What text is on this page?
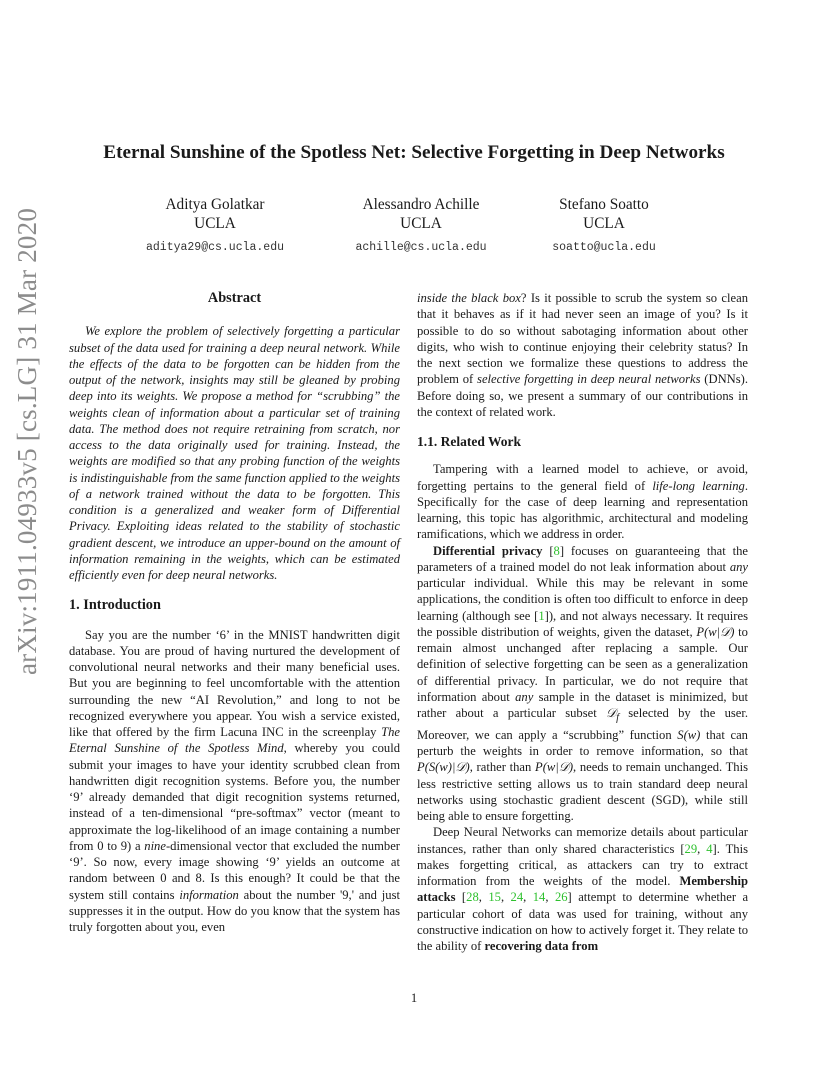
arXiv:1911.04933v5 [cs.LG] 31 Mar 2020
Eternal Sunshine of the Spotless Net: Selective Forgetting in Deep Networks
Aditya Golatkar
UCLA
aditya29@cs.ucla.edu
Alessandro Achille
UCLA
achille@cs.ucla.edu
Stefano Soatto
UCLA
soatto@ucla.edu
Abstract

We explore the problem of selectively forgetting a particular subset of the data used for training a deep neural network. While the effects of the data to be forgotten can be hidden from the output of the network, insights may still be gleaned by probing deep into its weights. We propose a method for “scrubbing” the weights clean of information about a particular set of training data. The method does not require retraining from scratch, nor access to the data originally used for training. Instead, the weights are modified so that any probing function of the weights is indistinguishable from the same function applied to the weights of a network trained without the data to be forgotten. This condition is a generalized and weaker form of Differential Privacy. Exploiting ideas related to the stability of stochastic gradient descent, we introduce an upper-bound on the amount of information remaining in the weights, which can be estimated efficiently even for deep neural networks.

1. Introduction

Say you are the number ‘6’ in the MNIST handwritten digit database. You are proud of having nurtured the development of convolutional neural networks and their many beneficial uses. But you are beginning to feel uncomfortable with the attention surrounding the new “AI Revolution,” and long to not be recognized everywhere you appear. You wish a service existed, like that offered by the firm Lacuna INC in the screenplay The Eternal Sunshine of the Spotless Mind, whereby you could submit your images to have your identity scrubbed clean from handwritten digit recognition systems. Before you, the number ‘9’ already demanded that digit recognition systems returned, instead of a ten-dimensional “pre-softmax” vector (meant to approximate the log-likelihood of an image containing a number from 0 to 9) a nine-dimensional vector that excluded the number ‘9’. So now, every image showing ‘9’ yields an outcome at random between 0 and 8. Is this enough? It could be that the system still contains information about the number '9,' and just suppresses it in the output. How do you know that the system has truly forgotten about you, even

inside the black box? Is it possible to scrub the system so clean that it behaves as if it had never seen an image of you? Is it possible to do so without sabotaging information about other digits, who wish to continue enjoying their celebrity status? In the next section we formalize these questions to address the problem of selective forgetting in deep neural networks (DNNs). Before doing so, we present a summary of our contributions in the context of related work.

1.1. Related Work

Tampering with a learned model to achieve, or avoid, forgetting pertains to the general field of life-long learning. Specifically for the case of deep learning and representation learning, this topic has algorithmic, architectural and modeling ramifications, which we address in order.

Differential privacy [8] focuses on guaranteeing that the parameters of a trained model do not leak information about any particular individual. While this may be relevant in some applications, the condition is often too difficult to enforce in deep learning (although see [1]), and not always necessary. It requires the possible distribution of weights, given the dataset, P(w|𝒟) to remain almost unchanged after replacing a sample. Our definition of selective forgetting can be seen as a generalization of differential privacy. In particular, we do not require that information about any sample in the dataset is minimized, but rather about a particular subset 𝒟$_f$ selected by the user. Moreover, we can apply a “scrubbing” function S(w) that can perturb the weights in order to remove information, so that P(S(w)|𝒟), rather than P(w|𝒟), needs to remain unchanged. This less restrictive setting allows us to train standard deep neural networks using stochastic gradient descent (SGD), while still being able to ensure forgetting.

Deep Neural Networks can memorize details about particular instances, rather than only shared characteristics [29, 4]. This makes forgetting critical, as attackers can try to extract information from the weights of the model. Membership attacks [28, 15, 24, 14, 26] attempt to determine whether a particular cohort of data was used for training, without any constructive indication on how to actively forget it. They relate to the ability of recovering data from

1
